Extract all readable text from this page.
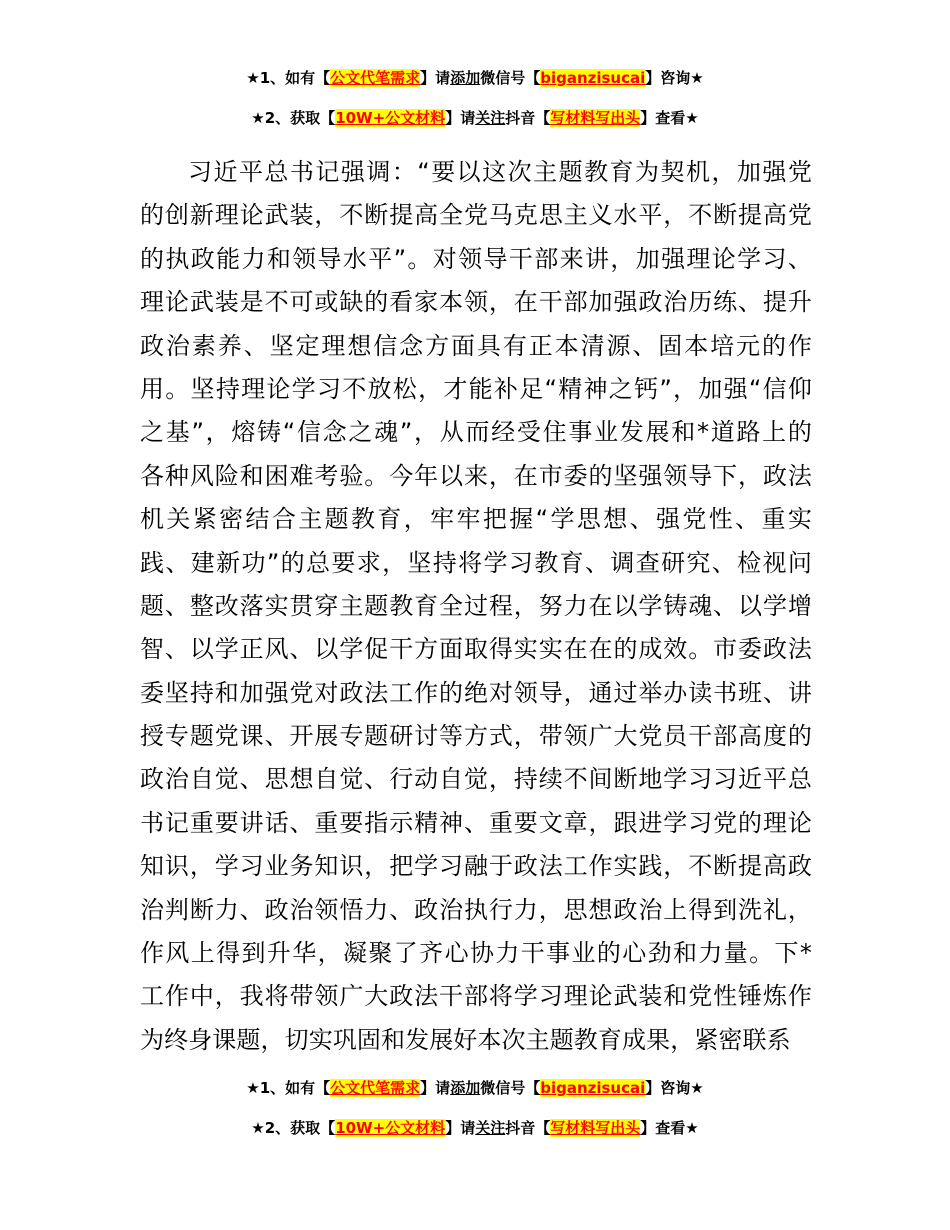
★1、如有【公文代笔需求】请添加微信号【biganzisucai】咨询★
★2、获取【10W+公文材料】请关注抖音【写材料写出头】查看★
习近平总书记强调：“要以这次主题教育为契机，加强党
的创新理论武装，不断提高全党马克思主义水平，不断提高党
的执政能力和领导水平”。对领导干部来讲，加强理论学习、
理论武装是不可或缺的看家本领，在干部加强政治历练、提升
政治素养、坚定理想信念方面具有正本清源、固本培元的作
用。坚持理论学习不放松，才能补足“精神之钙”，加强“信仰
之基”，熔铸“信念之魂”，从而经受住事业发展和*道路上的
各种风险和困难考验。今年以来，在市委的坚强领导下，政法
机关紧密结合主题教育，牢牢把握“学思想、强党性、重实
践、建新功”的总要求，坚持将学习教育、调查研究、检视问
题、整改落实贯穿主题教育全过程，努力在以学铸魂、以学增
智、以学正风、以学促干方面取得实实在在的成效。市委政法
委坚持和加强党对政法工作的绝对领导，通过举办读书班、讲
授专题党课、开展专题研讨等方式，带领广大党员干部高度的
政治自觉、思想自觉、行动自觉，持续不间断地学习习近平总
书记重要讲话、重要指示精神、重要文章，跟进学习党的理论
知识，学习业务知识，把学习融于政法工作实践，不断提高政
治判断力、政治领悟力、政治执行力，思想政治上得到洗礼，
作风上得到升华，凝聚了齐心协力干事业的心劲和力量。下*
工作中，我将带领广大政法干部将学习理论武装和党性锤炼作
为终身课题，切实巩固和发展好本次主题教育成果，紧密联系
★1、如有【公文代笔需求】请添加微信号【biganzisucai】咨询★
★2、获取【10W+公文材料】请关注抖音【写材料写出头】查看★
